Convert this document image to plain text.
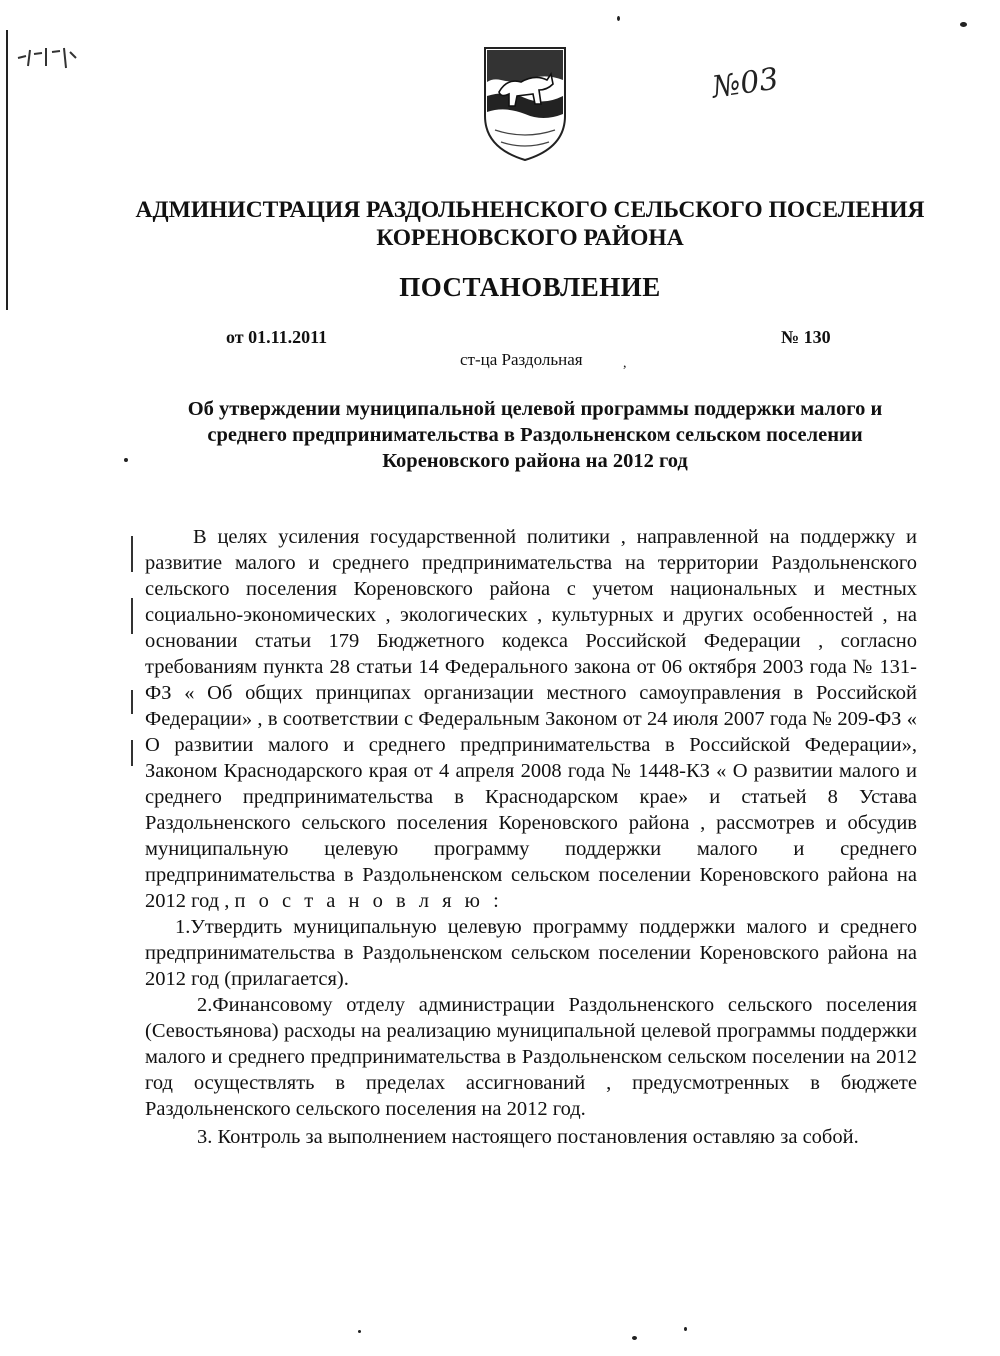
№03
АДМИНИСТРАЦИЯ РАЗДОЛЬНЕНСКОГО СЕЛЬСКОГО ПОСЕЛЕНИЯ
КОРЕНОВСКОГО РАЙОНА
ПОСТАНОВЛЕНИЕ
от 01.11.2011	№ 130
ст-ца Раздольная	,
Об утверждении муниципальной целевой программы поддержки малого и среднего предпринимательства в Раздольненском сельском поселении Кореновского района на 2012 год

В целях усиления государственной политики , направленной на поддержку и развитие малого и среднего предпринимательства на территории Раздольненского сельского поселения Кореновского района с учетом национальных и местных социально-экономических , экологических , культурных и других особенностей , на основании статьи 179 Бюджетного кодекса Российской Федерации , согласно требованиям пункта 28 статьи 14 Федерального закона от 06 октября 2003 года № 131-ФЗ « Об общих принципах организации местного самоуправления в Российской Федерации» , в соответствии с Федеральным Законом от 24 июля 2007 года № 209-ФЗ « О развитии малого и среднего предпринимательства в Российской Федерации», Законом Краснодарского края от 4 апреля 2008 года № 1448-КЗ « О развитии малого и среднего предпринимательства в Краснодарском крае» и статьей 8 Устава Раздольненского сельского поселения Кореновского района , рассмотрев и обсудив муниципальную целевую программу поддержки малого и среднего предпринимательства в Раздольненском сельском поселении Кореновского района на 2012 год , п о с т а н о в л я ю :

1.Утвердить муниципальную целевую программу поддержки малого и среднего предпринимательства в Раздольненском сельском поселении Кореновского района на 2012 год (прилагается).

2.Финансовому отделу администрации Раздольненского сельского поселения (Севостьянова) расходы на реализацию муниципальной целевой программы поддержки малого и среднего предпринимательства в Раздольненском сельском поселении на 2012 год осуществлять в пределах ассигнований , предусмотренных в бюджете Раздольненского сельского поселения на 2012 год.

3. Контроль за выполнением настоящего постановления оставляю за собой.
